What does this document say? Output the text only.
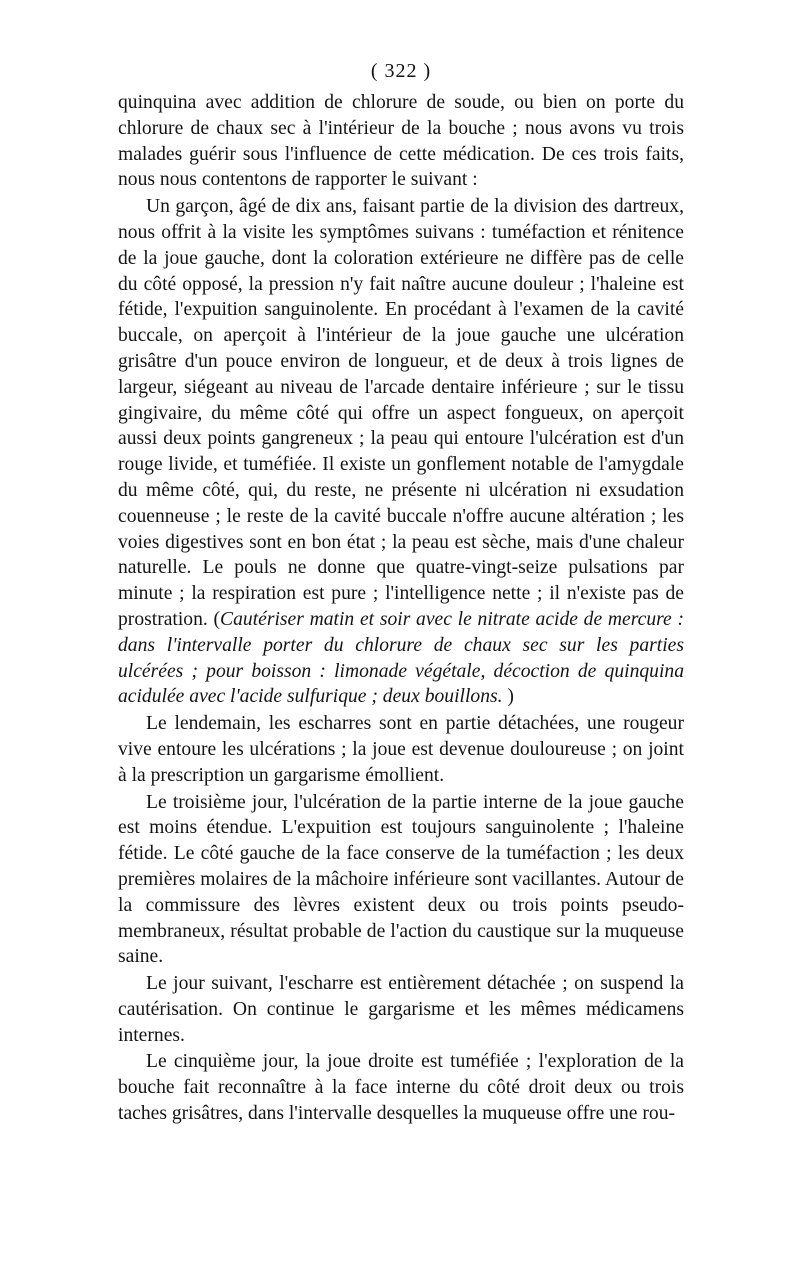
( 322 )

quinquina avec addition de chlorure de soude, ou bien on porte du chlorure de chaux sec à l'intérieur de la bouche ; nous avons vu trois malades guérir sous l'influence de cette médication. De ces trois faits, nous nous contentons de rapporter le suivant :

Un garçon, âgé de dix ans, faisant partie de la division des dartreux, nous offrit à la visite les symptômes suivans : tuméfaction et rénitence de la joue gauche, dont la coloration extérieure ne diffère pas de celle du côté opposé, la pression n'y fait naître aucune douleur ; l'haleine est fétide, l'expuition sanguinolente. En procédant à l'examen de la cavité buccale, on aperçoit à l'intérieur de la joue gauche une ulcération grisâtre d'un pouce environ de longueur, et de deux à trois lignes de largeur, siégeant au niveau de l'arcade dentaire inférieure ; sur le tissu gingivaire, du même côté qui offre un aspect fongueux, on aperçoit aussi deux points gangreneux ; la peau qui entoure l'ulcération est d'un rouge livide, et tuméfiée. Il existe un gonflement notable de l'amygdale du même côté, qui, du reste, ne présente ni ulcération ni exsudation couenneuse ; le reste de la cavité buccale n'offre aucune altération ; les voies digestives sont en bon état ; la peau est sèche, mais d'une chaleur naturelle. Le pouls ne donne que quatre-vingt-seize pulsations par minute ; la respiration est pure ; l'intelligence nette ; il n'existe pas de prostration. (Cautériser matin et soir avec le nitrate acide de mercure : dans l'intervalle porter du chlorure de chaux sec sur les parties ulcérées ; pour boisson : limonade végétale, décoction de quinquina acidulée avec l'acide sulfurique ; deux bouillons. )

Le lendemain, les escharres sont en partie détachées, une rougeur vive entoure les ulcérations ; la joue est devenue douloureuse ; on joint à la prescription un gargarisme émollient.

Le troisième jour, l'ulcération de la partie interne de la joue gauche est moins étendue. L'expuition est toujours sanguinolente ; l'haleine fétide. Le côté gauche de la face conserve de la tuméfaction ; les deux premières molaires de la mâchoire inférieure sont vacillantes. Autour de la commissure des lèvres existent deux ou trois points pseudo-membraneux, résultat probable de l'action du caustique sur la muqueuse saine.

Le jour suivant, l'escharre est entièrement détachée ; on suspend la cautérisation. On continue le gargarisme et les mêmes médicamens internes.

Le cinquième jour, la joue droite est tuméfiée ; l'exploration de la bouche fait reconnaître à la face interne du côté droit deux ou trois taches grisâtres, dans l'intervalle desquelles la muqueuse offre une rou-
